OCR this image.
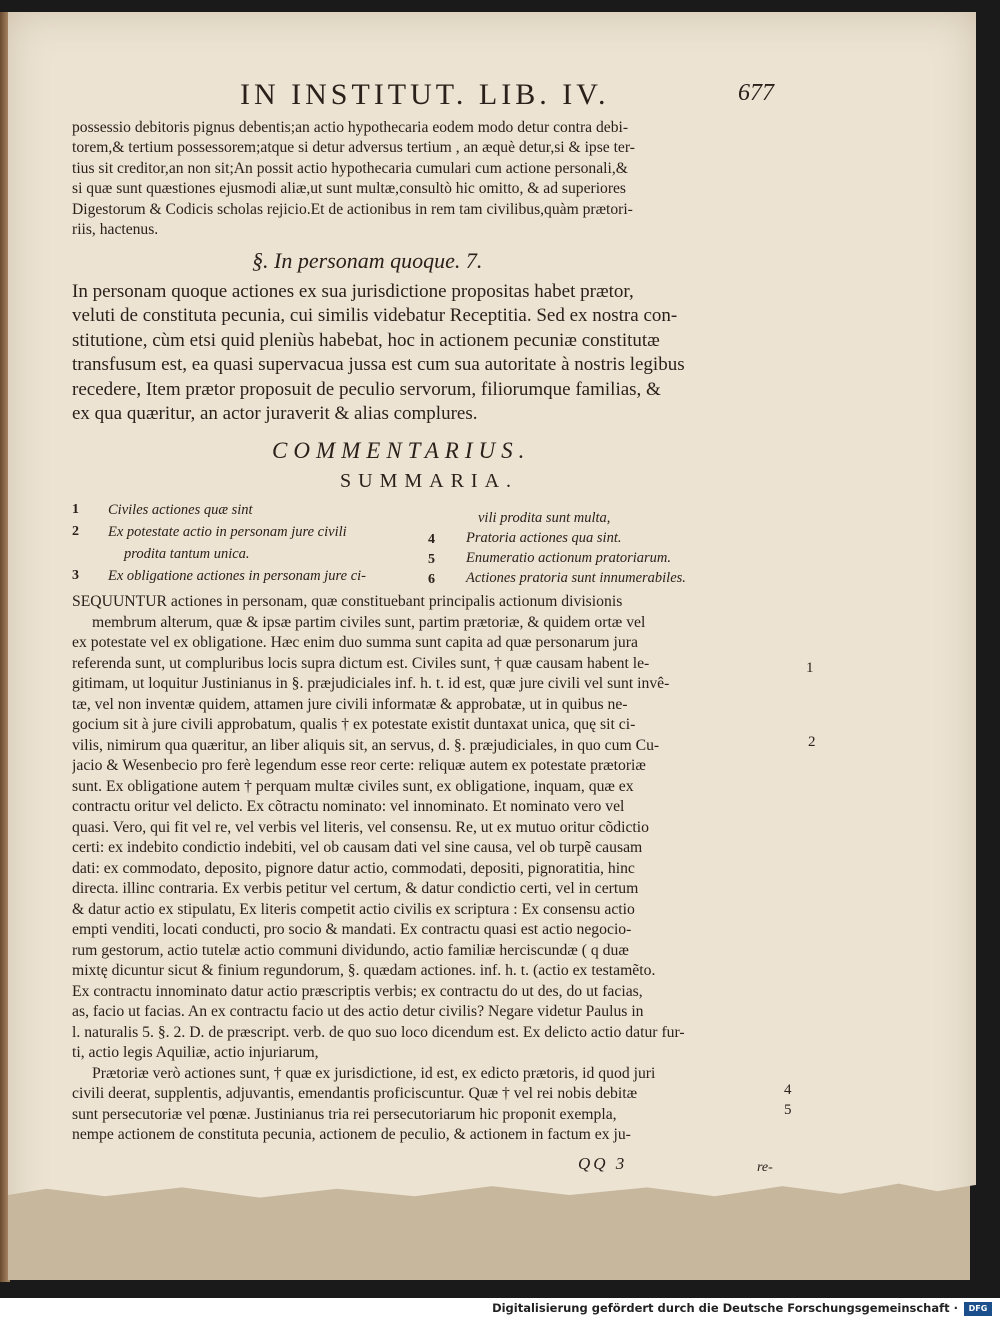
IN INSTITUT. LIB. IV.	677
possessio debitoris pignus debentis;an actio hypothecaria eodem modo detur contra debi-
torem,& tertium possessorem;atque si detur adversus tertium , an æquè detur,si & ipse ter-
tius sit creditor,an non sit;An possit actio hypothecaria cumulari cum actione personali,&
si quæ sunt quæstiones ejusmodi aliæ,ut sunt multæ,consultò hic omitto, & ad superiores
Digestorum & Codicis scholas rejicio.Et de actionibus in rem tam civilibus,quàm prætori-
riis, hactenus.
§. In personam quoque. 7.
In personam quoque actiones ex sua jurisdictione propositas habet prætor,
veluti de constituta pecunia, cui similis videbatur Receptitia. Sed ex nostra con-
stitutione, cùm etsi quid pleniùs habebat, hoc in actionem pecuniæ constitutæ
transfusum est, ea quasi supervacua jussa est cum sua autoritate à nostris legibus
recedere, Item prætor proposuit de peculio servorum, filiorumque familias, &
ex qua quæritur, an actor juraverit & alias complures.
COMMENTARIUS.
SUMMARIA.
1 Civiles actiones quæ sint
2 Ex potestate actio in personam jure civili
prodita tantum unica.
3 Ex obligatione actiones in personam jure ci-
vili prodita sunt multa,
4 Pratoria actiones qua sint.
5 Enumeratio actionum pratoriarum.
6 Actiones pratoria sunt innumerabiles.
SEQUUNTUR actiones in personam, quæ constituebant principalis actionum divisionis
membrum alterum, quæ & ipsæ partim civiles sunt, partim prætoriæ, & quidem ortæ vel
ex potestate vel ex obligatione. Hæc enim duo summa sunt capita ad quæ personarum jura
referenda sunt, ut compluribus locis supra dictum est. Civiles sunt, † quæ causam habent le-
gitimam, ut loquitur Justinianus in §. præjudiciales inf. h. t. id est, quæ jure civili vel sunt invê-
tæ, vel non inventæ quidem, attamen jure civili informatæ & approbatæ, ut in quibus ne-
gocium sit à jure civili approbatum, qualis † ex potestate existit duntaxat unica, quę sit ci-
vilis, nimirum qua quæritur, an liber aliquis sit, an servus, d. §. præjudiciales, in quo cum Cu-
jacio & Wesenbecio pro ferè legendum esse reor certe: reliquæ autem ex potestate prætoriæ
sunt. Ex obligatione autem † perquam multæ civiles sunt, ex obligatione, inquam, quæ ex
contractu oritur vel delicto. Ex cõtractu nominato: vel innominato. Et nominato vero vel
quasi. Vero, qui fit vel re, vel verbis vel literis, vel consensu. Re, ut ex mutuo oritur cõdictio
certi: ex indebito condictio indebiti, vel ob causam dati vel sine causa, vel ob turpẽ causam
dati: ex commodato, deposito, pignore datur actio, commodati, depositi, pignoratitia, hinc
directa. illinc contraria. Ex verbis petitur vel certum, & datur condictio certi, vel in certum
& datur actio ex stipulatu, Ex literis competit actio civilis ex scriptura : Ex consensu actio
empti venditi, locati conducti, pro socio & mandati. Ex contractu quasi est actio negocio-
rum gestorum, actio tutelæ actio communi dividundo, actio familiæ herciscundæ ( q duæ
mixtę dicuntur sicut & finium regundorum, §. quædam actiones. inf. h. t. (actio ex testamẽto.
Ex contractu innominato datur actio præscriptis verbis; ex contractu do ut des, do ut facias,
as, facio ut facias. An ex contractu facio ut des actio detur civilis? Negare videtur Paulus in
l. naturalis 5. §. 2. D. de præscript. verb. de quo suo loco dicendum est. Ex delicto actio datur fur-
ti, actio legis Aquiliæ, actio injuriarum,
Prætoriæ verò actiones sunt, † quæ ex jurisdictione, id est, ex edicto prætoris, id quod juri
civili deerat, supplentis, adjuvantis, emendantis proficiscuntur. Quæ † vel rei nobis debitæ
sunt persecutoriæ vel pœnæ. Justinianus tria rei persecutoriarum hic proponit exempla,
nempe actionem de constituta pecunia, actionem de peculio, & actionem in factum ex ju-
1
2
4
5
QQ 3	re-
Digitalisierung gefördert durch die Deutsche Forschungsgemeinschaft ·	DFG
